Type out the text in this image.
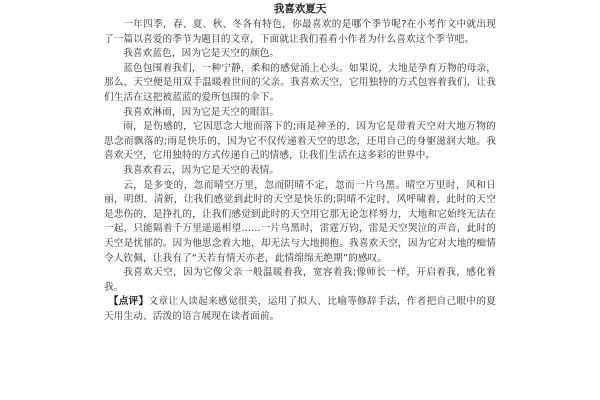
我喜欢夏天

一年四季，春、夏、秋、冬各有特色，你最喜欢的是哪个季节呢?在小考作文中就出现了一篇以喜爱的季节为题目的文章，下面就让我们看看小作者为什么喜欢这个季节吧。

我喜欢蓝色，因为它是天空的颜色。

蓝色包围着我们，一种宁静，柔和的感觉涌上心头。如果说，大地是孕育万物的母亲，那么，天空便是用双手温暖着世间的父亲。我喜欢天空，它用独特的方式包容着我们，让我们生活在这把被蓝蓝的爱所包围的伞下。

我喜欢淋雨，因为它是天空的眼泪。

雨，是伤感的，它因思念大地而落下的;雨是神圣的，因为它是带着天空对大地万物的思念而飘落的;雨是快乐的，因为它不仅传递着天空的思念，还用自己的身躯滋润大地。我喜欢天空，它用独特的方式传递自己的情感，让我们生活在这多彩的世界中。

我喜欢看云，因为它是天空的表情。

云，是多变的，忽而晴空万里，忽而阴晴不定，忽而一片乌黑。晴空万里时，风和日丽，明朗、清新，让我们感觉到此时的天空是快乐的;阴晴不定时，风呼啸着，此时的天空是悲伤的，是挣扎的，让我们感觉到此时的天空用它那无论怎样努力，大地和它始终无法在一起，只能隔着千万里遥遥相望……一片乌黑时，雷霆万钧，雷是天空哭泣的声音，此时的天空是忧郁的。因为他思念着大地，却无法与大地拥抱。我喜欢天空，因为它对大地的痴情令人钦佩，让我有了“天若有情天亦老，此情绵绵无绝期”的感叹。

我喜欢天空，因为它像父亲一般温暖着我，宽容着我;像师长一样，开启着我，感化着我。

【点评】文章让人读起来感觉很美，运用了拟人、比喻等修辞手法，作者把自己眼中的夏天用生动、活泼的语言展现在读者面前。
